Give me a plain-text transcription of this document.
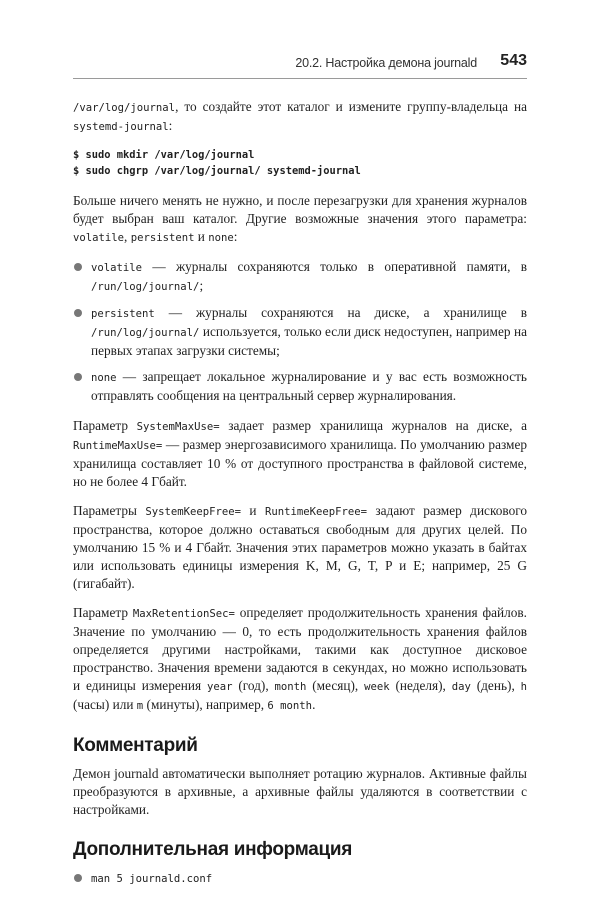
20.2. Настройка демона journald 543

/var/log/journal, то создайте этот каталог и измените группу-владельца на systemd-journal:

$ sudo mkdir /var/log/journal
$ sudo chgrp /var/log/journal/ systemd-journal

Больше ничего менять не нужно, и после перезагрузки для хранения журналов будет выбран ваш каталог. Другие возможные значения этого параметра: volatile, persistent и none:

volatile — журналы сохраняются только в оперативной памяти, в /run/log/journal/;
persistent — журналы сохраняются на диске, а хранилище в /run/log/journal/ используется, только если диск недоступен, например на первых этапах загрузки системы;
none — запрещает локальное журналирование и у вас есть возможность отправлять сообщения на центральный сервер журналирования.

Параметр SystemMaxUse= задает размер хранилища журналов на диске, а RuntimeMaxUse= — размер энергозависимого хранилища. По умолчанию размер хранилища составляет 10 % от доступного пространства в файловой системе, но не более 4 Гбайт.

Параметры SystemKeepFree= и RuntimeKeepFree= задают размер дискового пространства, которое должно оставаться свободным для других целей. По умолчанию 15 % и 4 Гбайт. Значения этих параметров можно указать в байтах или использовать единицы измерения K, M, G, T, P и E; например, 25 G (гигабайт).

Параметр MaxRetentionSec= определяет продолжительность хранения файлов. Значение по умолчанию — 0, то есть продолжительность хранения файлов определяется другими настройками, такими как доступное дисковое пространство. Значения времени задаются в секундах, но можно использовать и единицы измерения year (год), month (месяц), week (неделя), day (день), h (часы) или m (минуты), например, 6 month.

Комментарий

Демон journald автоматически выполняет ротацию журналов. Активные файлы преобразуются в архивные, а архивные файлы удаляются в соответствии с настройками.

Дополнительная информация
man 5 journald.conf
